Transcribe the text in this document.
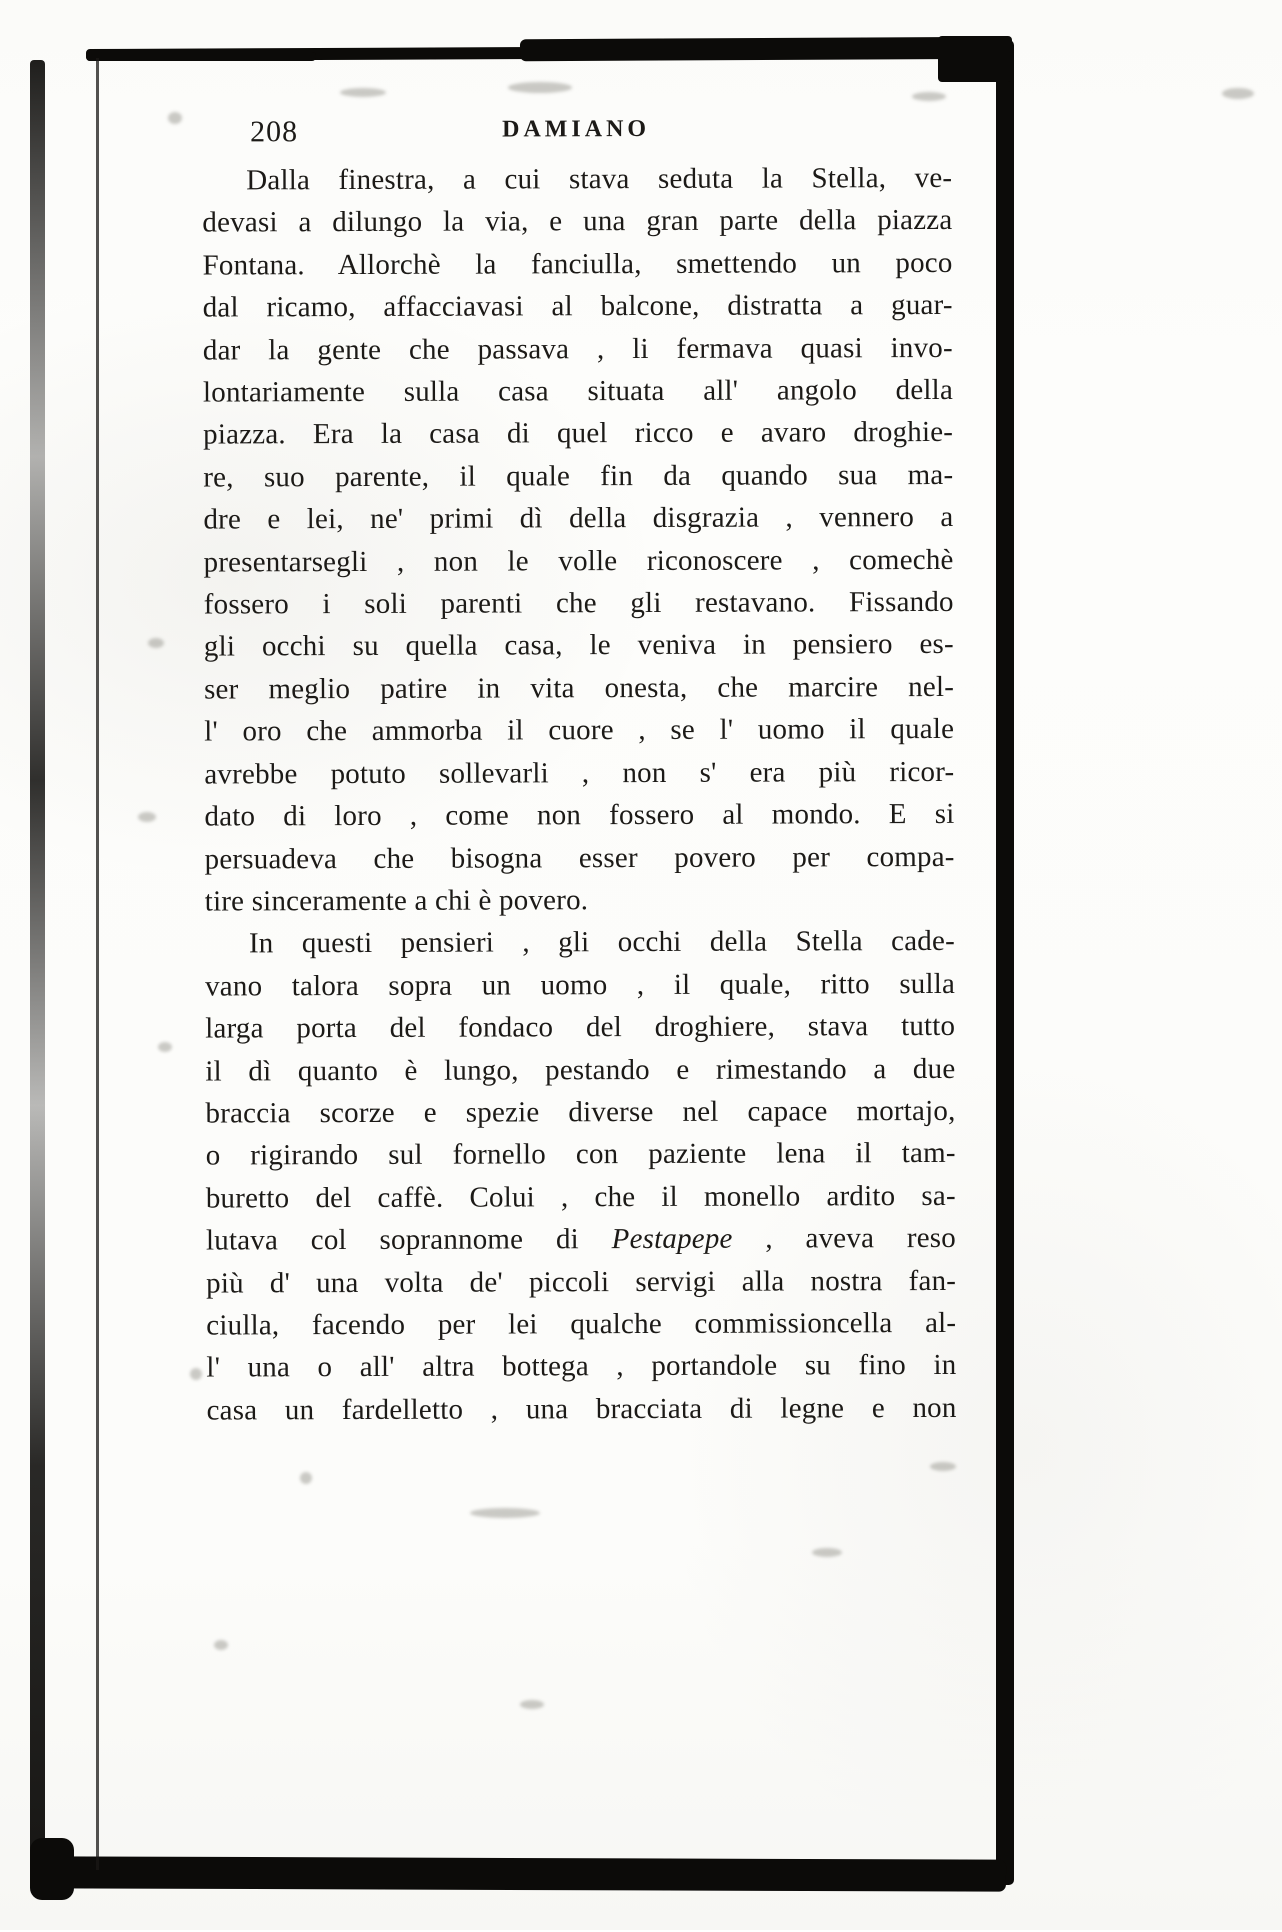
208	DAMIANO
Dalla finestra, a cui stava seduta la Stella, ve-
devasi a dilungo la via, e una gran parte della piazza
Fontana. Allorchè la fanciulla, smettendo un poco
dal ricamo, affacciavasi al balcone, distratta a guar-
dar la gente che passava , li fermava quasi invo-
lontariamente sulla casa situata all' angolo della
piazza. Era la casa di quel ricco e avaro droghie-
re, suo parente, il quale fin da quando sua ma-
dre e lei, ne' primi dì della disgrazia , vennero a
presentarsegli , non le volle riconoscere , comechè
fossero i soli parenti che gli restavano. Fissando
gli occhi su quella casa, le veniva in pensiero es-
ser meglio patire in vita onesta, che marcire nel-
l' oro che ammorba il cuore , se l' uomo il quale
avrebbe potuto sollevarli , non s' era più ricor-
dato di loro , come non fossero al mondo. E si
persuadeva che bisogna esser povero per compa-
tire sinceramente a chi è povero.
In questi pensieri , gli occhi della Stella cade-
vano talora sopra un uomo , il quale, ritto sulla
larga porta del fondaco del droghiere, stava tutto
il dì quanto è lungo, pestando e rimestando a due
braccia scorze e spezie diverse nel capace mortajo,
o rigirando sul fornello con paziente lena il tam-
buretto del caffè. Colui , che il monello ardito sa-
lutava col soprannome di Pestapepe , aveva reso
più d' una volta de' piccoli servigi alla nostra fan-
ciulla, facendo per lei qualche commissioncella al-
l' una o all' altra bottega , portandole su fino in
casa un fardelletto , una bracciata di legne e non
